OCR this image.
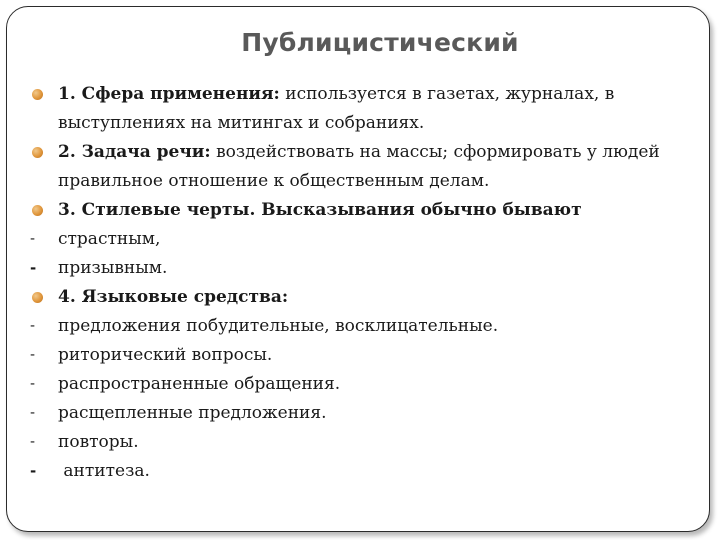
Публицистический
1. Сфера применения: используется в газетах, журналах, в выступлениях на митингах и собраниях.
2. Задача речи: воздействовать на массы; сформировать у людей правильное отношение к общественным делам.
3. Стилевые черты. Высказывания обычно бывают
- страстным,
- призывным.
4. Языковые средства:
- предложения побудительные, восклицательные.
- риторический вопросы.
- распространенные обращения.
- расщепленные предложения.
- повторы.
- антитеза.
